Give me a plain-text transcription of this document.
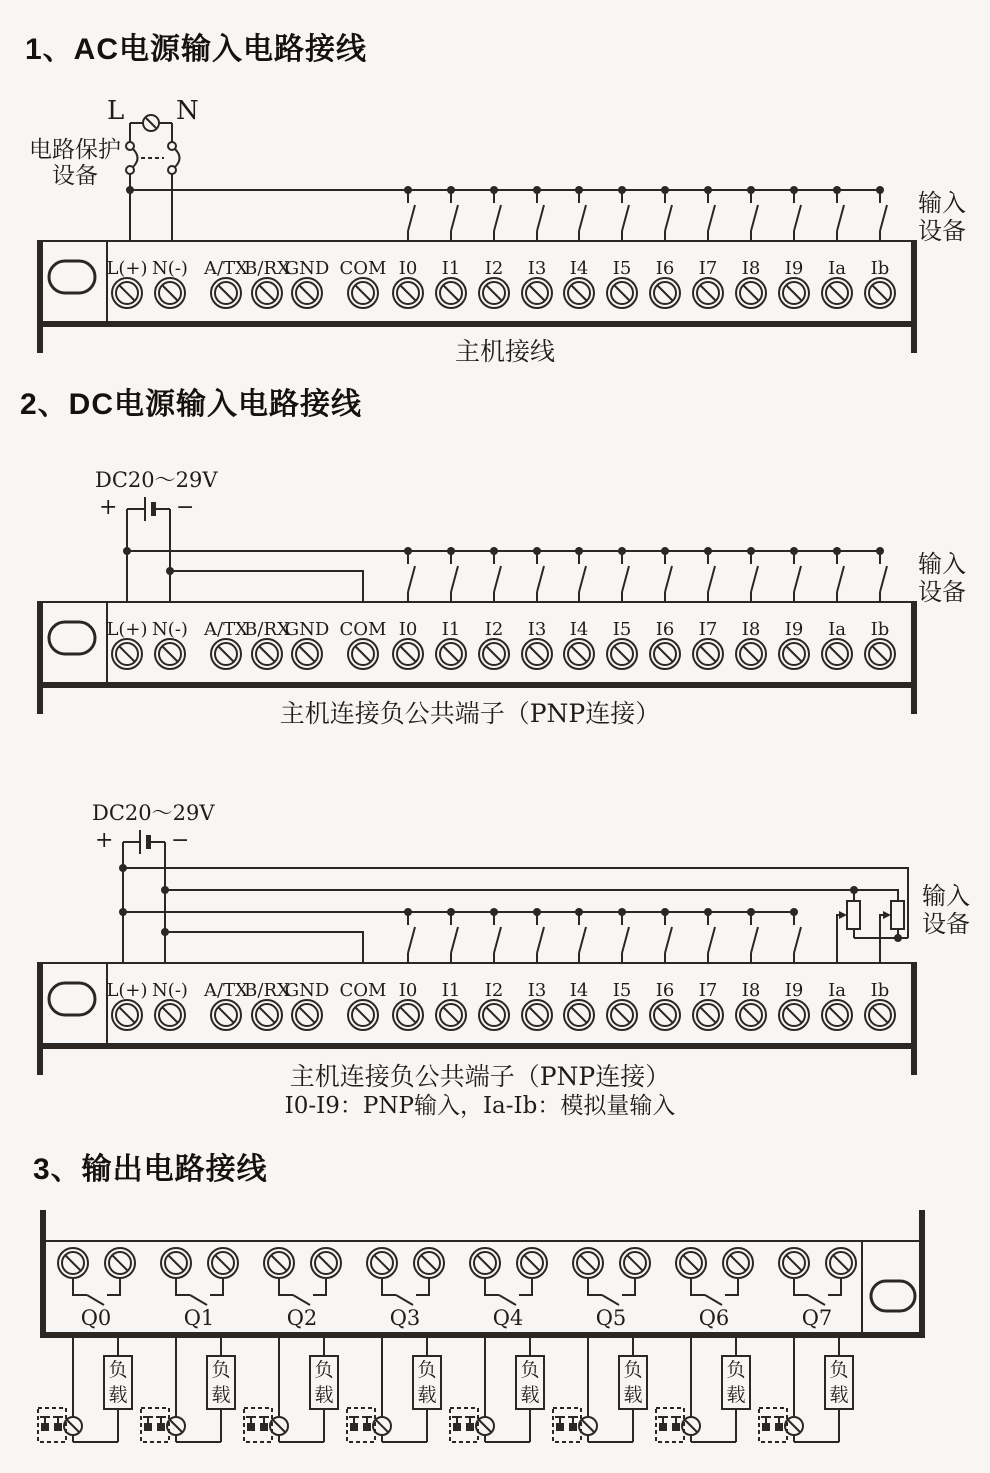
1、AC电源输入电路接线
2、DC电源输入电路接线
3、输出电路接线
L N
电路保护
设备
输入
设备
主机接线
DC20～29V
+	−
输入
设备
主机连接负公共端子（PNP连接）
DC20～29V
+	−
输入
设备
主机连接负公共端子（PNP连接）
I0-I9：PNP输入，Ia-Ib：模拟量输入
负载
负载
负载
负载
负载
负载
负载
负载
L(+) N(-) A/TX
B/RX
GND COM I0 I1 I2 I3 I4 I5 I6 I7 I8 I9 Ia Ib
L(+) N(-) A/TX
B/RX
GND COM I0 I1 I2 I3 I4 I5 I6 I7 I8 I9 Ia Ib
L(+) N(-) A/TX
B/RX
GND COM I0 I1 I2 I3 I4 I5 I6 I7 I8 I9 Ia Ib
Q0	Q1	Q2	Q3	Q4	Q5	Q6	Q7
